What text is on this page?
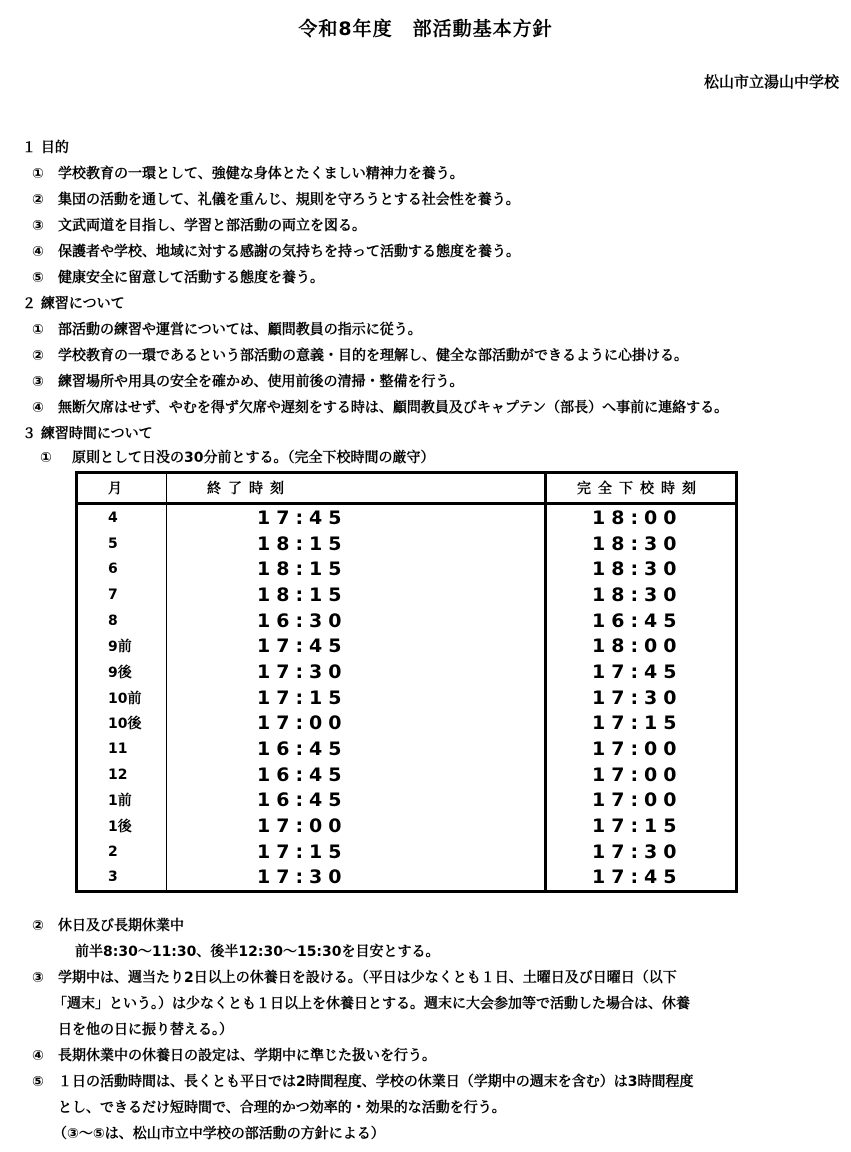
令和8年度　部活動基本方針
松山市立湯山中学校
１ 目的
① 学校教育の一環として、強健な身体とたくましい精神力を養う。
② 集団の活動を通して、礼儀を重んじ、規則を守ろうとする社会性を養う。
③ 文武両道を目指し、学習と部活動の両立を図る。
④ 保護者や学校、地域に対する感謝の気持ちを持って活動する態度を養う。
⑤ 健康安全に留意して活動する態度を養う。
２ 練習について
① 部活動の練習や運営については、顧問教員の指示に従う。
② 学校教育の一環であるという部活動の意義・目的を理解し、健全な部活動ができるように心掛ける。
③ 練習場所や用具の安全を確かめ、使用前後の清掃・整備を行う。
④ 無断欠席はせず、やむを得ず欠席や遅刻をする時は、顧問教員及びキャプテン（部長）へ事前に連絡する。
３ 練習時間について
① 原則として日没の30分前とする。（完全下校時間の厳守）
月	終了時刻	完全下校時刻
4	17:45	18:00
5	18:15	18:30
6	18:15	18:30
7	18:15	18:30
8	16:30	16:45
9前	17:45	18:00
9後	17:30	17:45
10前	17:15	17:30
10後	17:00	17:15
11	16:45	17:00
12	16:45	17:00
1前	16:45	17:00
1後	17:00	17:15
2	17:15	17:30
3	17:30	17:45
② 休日及び長期休業中
前半8:30～11:30、後半12:30～15:30を目安とする。
③ 学期中は、週当たり2日以上の休養日を設ける。（平日は少なくとも１日、土曜日及び日曜日（以下
「週末」という。）は少なくとも１日以上を休養日とする。週末に大会参加等で活動した場合は、休養
日を他の日に振り替える。）
④ 長期休業中の休養日の設定は、学期中に準じた扱いを行う。
⑤ １日の活動時間は、長くとも平日では2時間程度、学校の休業日（学期中の週末を含む）は3時間程度
とし、できるだけ短時間で、合理的かつ効率的・効果的な活動を行う。
（③～⑤は、松山市立中学校の部活動の方針による）
